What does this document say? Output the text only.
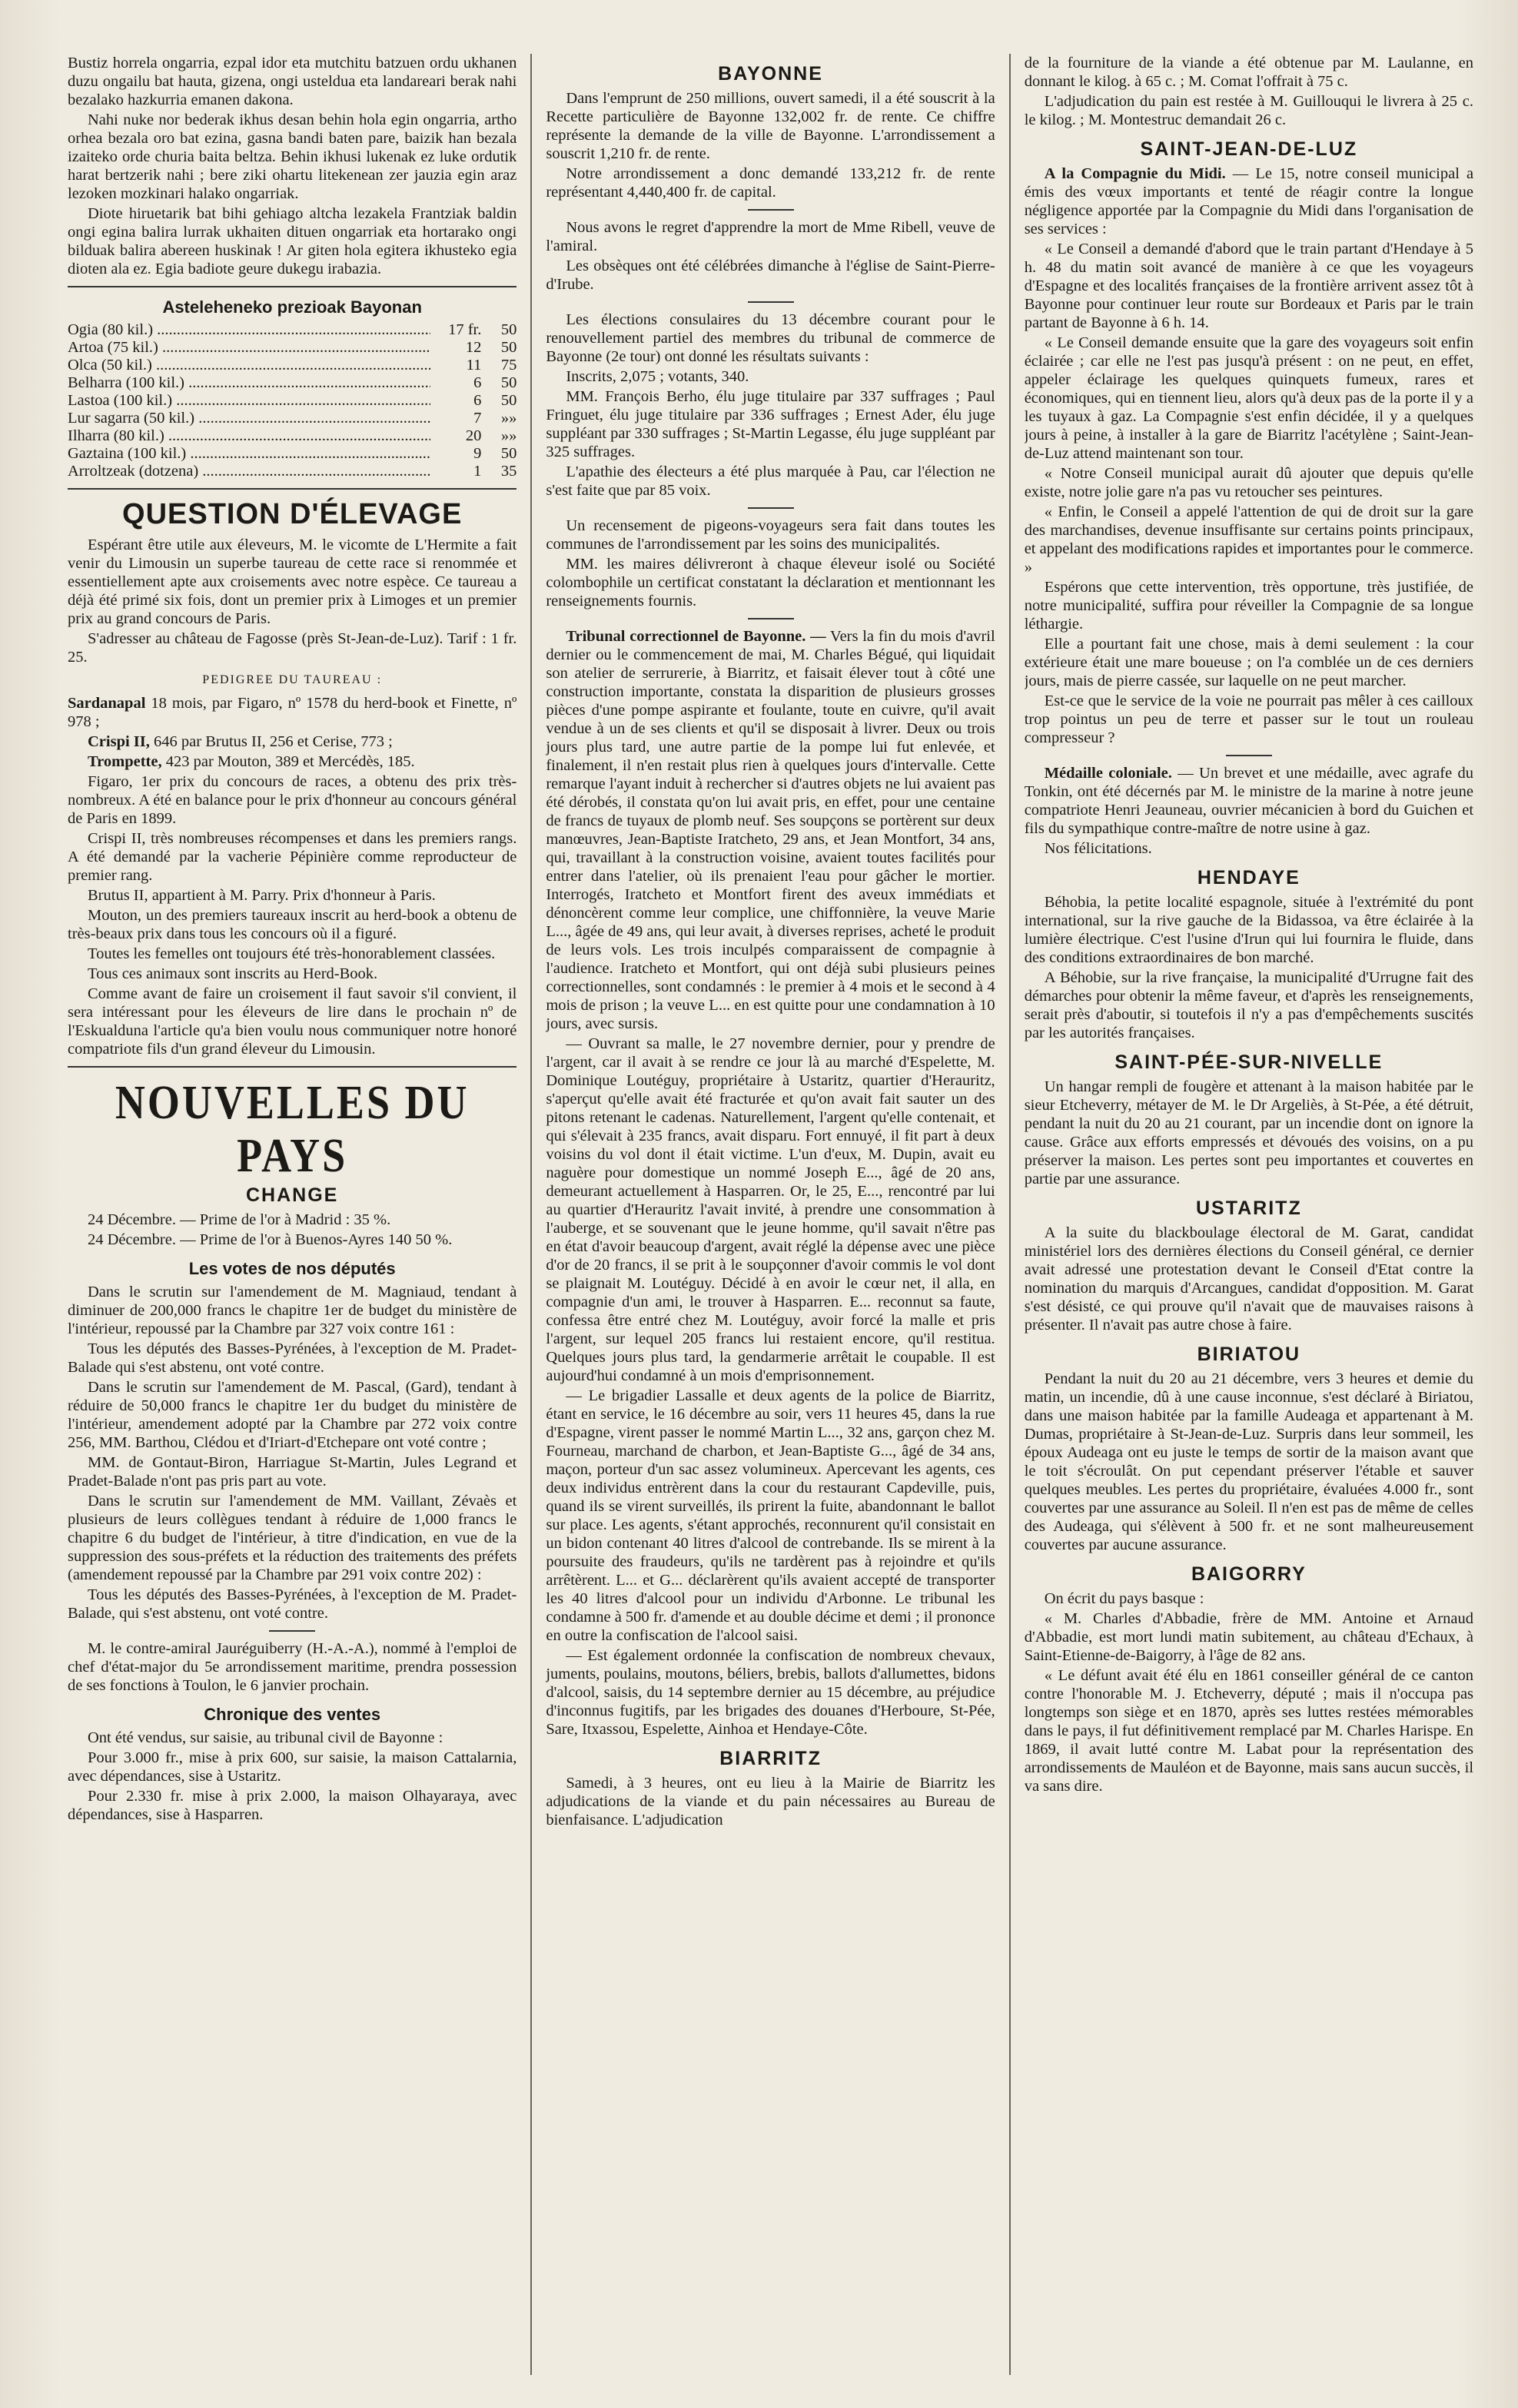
Bustiz horrela ongarria, ezpal idor eta mutchitu batzuen ordu ukhanen duzu ongailu bat hauta, gizena, ongi usteldua eta landareari berak nahi bezalako hazkurria emanen dakona.

Nahi nuke nor bederak ikhus desan behin hola egin ongarria, artho orhea bezala oro bat ezina, gasna bandi baten pare, baizik han bezala izaiteko orde churia baita beltza. Behin ikhusi lukenak ez luke ordutik harat bertzerik nahi ; bere ziki ohartu litekenean zer jauzia egin araz lezoken mozkinari halako ongarriak.

Diote hiruetarik bat bihi gehiago altcha lezakela Frantziak baldin ongi egina balira lurrak ukhaiten dituen ongarriak eta hortarako ongi bilduak balira abereen huskinak ! Ar giten hola egitera ikhusteko egia dioten ala ez. Egia badiote geure dukegu irabazia.

Asteleheneko prezioak Bayonan
Ogia (80 kil.) .....	17 fr.	50
Artoa (75 kil.) .....	12	50
Olca (50 kil.) .....	11	75
Belharra (100 kil.) .....	6	50
Lastoa (100 kil.) .....	6	50
Lur sagarra (50 kil.) .....	7	»»
Ilharra (80 kil.) .....	20	»»
Gaztaina (100 kil.) .....	9	50
Arroltzeak (dotzena) .....	1	35
QUESTION D'ÉLEVAGE

Espérant être utile aux éleveurs, M. le vicomte de L'Hermite a fait venir du Limousin un superbe taureau de cette race si renommée et essentiellement apte aux croisements avec notre espèce. Ce taureau a déjà été primé six fois, dont un premier prix à Limoges et un premier prix au grand concours de Paris.

S'adresser au château de Fagosse (près St-Jean-de-Luz). Tarif : 1 fr. 25.

PEDIGREE DU TAUREAU :

Sardanapal 18 mois, par Figaro, nº 1578 du herd-book et Finette, nº 978 ;

Crispi II, 646 par Brutus II, 256 et Cerise, 773 ;

Trompette, 423 par Mouton, 389 et Mercédès, 185.

Figaro, 1er prix du concours de races, a obtenu des prix très-nombreux. A été en balance pour le prix d'honneur au concours général de Paris en 1899.

Crispi II, très nombreuses récompenses et dans les premiers rangs. A été demandé par la vacherie Pépinière comme reproducteur de premier rang.

Brutus II, appartient à M. Parry. Prix d'honneur à Paris.

Mouton, un des premiers taureaux inscrit au herd-book a obtenu de très-beaux prix dans tous les concours où il a figuré.

Toutes les femelles ont toujours été très-honorablement classées.

Tous ces animaux sont inscrits au Herd-Book.

Comme avant de faire un croisement il faut savoir s'il convient, il sera intéressant pour les éleveurs de lire dans le prochain nº de l'Eskualduna l'article qu'a bien voulu nous communiquer notre honoré compatriote fils d'un grand éleveur du Limousin.

NOUVELLES DU PAYS
CHANGE

24 Décembre. — Prime de l'or à Madrid : 35 %.

24 Décembre. — Prime de l'or à Buenos-Ayres 140 50 %.

Les votes de nos députés

Dans le scrutin sur l'amendement de M. Magniaud, tendant à diminuer de 200,000 francs le chapitre 1er de budget du ministère de l'intérieur, repoussé par la Chambre par 327 voix contre 161 :

Tous les députés des Basses-Pyrénées, à l'exception de M. Pradet-Balade qui s'est abstenu, ont voté contre.

Dans le scrutin sur l'amendement de M. Pascal, (Gard), tendant à réduire de 50,000 francs le chapitre 1er du budget du ministère de l'intérieur, amendement adopté par la Chambre par 272 voix contre 256, MM. Barthou, Clédou et d'Iriart-d'Etchepare ont voté contre ;

MM. de Gontaut-Biron, Harriague St-Martin, Jules Legrand et Pradet-Balade n'ont pas pris part au vote.

Dans le scrutin sur l'amendement de MM. Vaillant, Zévaès et plusieurs de leurs collègues tendant à réduire de 1,000 francs le chapitre 6 du budget de l'intérieur, à titre d'indication, en vue de la suppression des sous-préfets et la réduction des traitements des préfets (amendement repoussé par la Chambre par 291 voix contre 202) :

Tous les députés des Basses-Pyrénées, à l'exception de M. Pradet-Balade, qui s'est abstenu, ont voté contre.

M. le contre-amiral Jauréguiberry (H.-A.-A.), nommé à l'emploi de chef d'état-major du 5e arrondissement maritime, prendra possession de ses fonctions à Toulon, le 6 janvier prochain.

Chronique des ventes

Ont été vendus, sur saisie, au tribunal civil de Bayonne :

Pour 3.000 fr., mise à prix 600, sur saisie, la maison Cattalarnia, avec dépendances, sise à Ustaritz.

Pour 2.330 fr. mise à prix 2.000, la maison Olhayaraya, avec dépendances, sise à Hasparren.

BAYONNE

Dans l'emprunt de 250 millions, ouvert samedi, il a été souscrit à la Recette particulière de Bayonne 132,002 fr. de rente. Ce chiffre représente la demande de la ville de Bayonne. L'arrondissement a souscrit 1,210 fr. de rente.

Notre arrondissement a donc demandé 133,212 fr. de rente représentant 4,440,400 fr. de capital.

Nous avons le regret d'apprendre la mort de Mme Ribell, veuve de l'amiral.

Les obsèques ont été célébrées dimanche à l'église de Saint-Pierre-d'Irube.

Les élections consulaires du 13 décembre courant pour le renouvellement partiel des membres du tribunal de commerce de Bayonne (2e tour) ont donné les résultats suivants :

Inscrits, 2,075 ; votants, 340.

MM. François Berho, élu juge titulaire par 337 suffrages ; Paul Fringuet, élu juge titulaire par 336 suffrages ; Ernest Ader, élu juge suppléant par 330 suffrages ; St-Martin Legasse, élu juge suppléant par 325 suffrages.

L'apathie des électeurs a été plus marquée à Pau, car l'élection ne s'est faite que par 85 voix.

Un recensement de pigeons-voyageurs sera fait dans toutes les communes de l'arrondissement par les soins des municipalités.

MM. les maires délivreront à chaque éleveur isolé ou Société colombophile un certificat constatant la déclaration et mentionnant les renseignements fournis.

Tribunal correctionnel de Bayonne. — Vers la fin du mois d'avril dernier ou le commencement de mai, M. Charles Bégué, qui liquidait son atelier de serrurerie, à Biarritz, et faisait élever tout à côté une construction importante, constata la disparition de plusieurs grosses pièces d'une pompe aspirante et foulante, toute en cuivre, qu'il avait vendue à un de ses clients et qu'il se disposait à livrer. Deux ou trois jours plus tard, une autre partie de la pompe lui fut enlevée, et finalement, il n'en restait plus rien à quelques jours d'intervalle. Cette remarque l'ayant induit à rechercher si d'autres objets ne lui avaient pas été dérobés, il constata qu'on lui avait pris, en effet, pour une centaine de francs de tuyaux de plomb neuf. Ses soupçons se portèrent sur deux manœuvres, Jean-Baptiste Iratcheto, 29 ans, et Jean Montfort, 34 ans, qui, travaillant à la construction voisine, avaient toutes facilités pour entrer dans l'atelier, où ils prenaient l'eau pour gâcher le mortier. Interrogés, Iratcheto et Montfort firent des aveux immédiats et dénoncèrent comme leur complice, une chiffonnière, la veuve Marie L..., âgée de 49 ans, qui leur avait, à diverses reprises, acheté le produit de leurs vols. Les trois inculpés comparaissent de compagnie à l'audience. Iratcheto et Montfort, qui ont déjà subi plusieurs peines correctionnelles, sont condamnés : le premier à 4 mois et le second à 4 mois de prison ; la veuve L... en est quitte pour une condamnation à 10 jours, avec sursis.

— Ouvrant sa malle, le 27 novembre dernier, pour y prendre de l'argent, car il avait à se rendre ce jour là au marché d'Espelette, M. Dominique Loutéguy, propriétaire à Ustaritz, quartier d'Herauritz, s'aperçut qu'elle avait été fracturée et qu'on avait fait sauter un des pitons retenant le cadenas. Naturellement, l'argent qu'elle contenait, et qui s'élevait à 235 francs, avait disparu. Fort ennuyé, il fit part à deux voisins du vol dont il était victime. L'un d'eux, M. Dupin, avait eu naguère pour domestique un nommé Joseph E..., âgé de 20 ans, demeurant actuellement à Hasparren. Or, le 25, E..., rencontré par lui au quartier d'Herauritz l'avait invité, à prendre une consommation à l'auberge, et se souvenant que le jeune homme, qu'il savait n'être pas en état d'avoir beaucoup d'argent, avait réglé la dépense avec une pièce d'or de 20 francs, il se prit à le soupçonner d'avoir commis le vol dont se plaignait M. Loutéguy. Décidé à en avoir le cœur net, il alla, en compagnie d'un ami, le trouver à Hasparren. E... reconnut sa faute, confessa être entré chez M. Loutéguy, avoir forcé la malle et pris l'argent, sur lequel 205 francs lui restaient encore, qu'il restitua. Quelques jours plus tard, la gendarmerie arrêtait le coupable. Il est aujourd'hui condamné à un mois d'emprisonnement.

— Le brigadier Lassalle et deux agents de la police de Biarritz, étant en service, le 16 décembre au soir, vers 11 heures 45, dans la rue d'Espagne, virent passer le nommé Martin L..., 32 ans, garçon chez M. Fourneau, marchand de charbon, et Jean-Baptiste G..., âgé de 34 ans, maçon, porteur d'un sac assez volumineux. Apercevant les agents, ces deux individus entrèrent dans la cour du restaurant Capdeville, puis, quand ils se virent surveillés, ils prirent la fuite, abandonnant le ballot sur place. Les agents, s'étant approchés, reconnurent qu'il consistait en un bidon contenant 40 litres d'alcool de contrebande. Ils se mirent à la poursuite des fraudeurs, qu'ils ne tardèrent pas à rejoindre et qu'ils arrêtèrent. L... et G... déclarèrent qu'ils avaient accepté de transporter les 40 litres d'alcool pour un individu d'Arbonne. Le tribunal les condamne à 500 fr. d'amende et au double décime et demi ; il prononce en outre la confiscation de l'alcool saisi.

— Est également ordonnée la confiscation de nombreux chevaux, juments, poulains, moutons, béliers, brebis, ballots d'allumettes, bidons d'alcool, saisis, du 14 septembre dernier au 15 décembre, au préjudice d'inconnus fugitifs, par les brigades des douanes d'Herboure, St-Pée, Sare, Itxassou, Espelette, Ainhoa et Hendaye-Côte.

BIARRITZ

Samedi, à 3 heures, ont eu lieu à la Mairie de Biarritz les adjudications de la viande et du pain nécessaires au Bureau de bienfaisance. L'adjudication

de la fourniture de la viande a été obtenue par M. Laulanne, en donnant le kilog. à 65 c. ; M. Comat l'offrait à 75 c.

L'adjudication du pain est restée à M. Guillouqui le livrera à 25 c. le kilog. ; M. Montestruc demandait 26 c.

SAINT-JEAN-DE-LUZ

A la Compagnie du Midi. — Le 15, notre conseil municipal a émis des vœux importants et tenté de réagir contre la longue négligence apportée par la Compagnie du Midi dans l'organisation de ses services :

« Le Conseil a demandé d'abord que le train partant d'Hendaye à 5 h. 48 du matin soit avancé de manière à ce que les voyageurs d'Espagne et des localités françaises de la frontière arrivent assez tôt à Bayonne pour continuer leur route sur Bordeaux et Paris par le train partant de Bayonne à 6 h. 14.

« Le Conseil demande ensuite que la gare des voyageurs soit enfin éclairée ; car elle ne l'est pas jusqu'à présent : on ne peut, en effet, appeler éclairage les quelques quinquets fumeux, rares et économiques, qui en tiennent lieu, alors qu'à deux pas de la porte il y a les tuyaux à gaz. La Compagnie s'est enfin décidée, il y a quelques jours à peine, à installer à la gare de Biarritz l'acétylène ; Saint-Jean-de-Luz attend maintenant son tour.

« Notre Conseil municipal aurait dû ajouter que depuis qu'elle existe, notre jolie gare n'a pas vu retoucher ses peintures.

« Enfin, le Conseil a appelé l'attention de qui de droit sur la gare des marchandises, devenue insuffisante sur certains points principaux, et appelant des modifications rapides et importantes pour le commerce. »

Espérons que cette intervention, très opportune, très justifiée, de notre municipalité, suffira pour réveiller la Compagnie de sa longue léthargie.

Elle a pourtant fait une chose, mais à demi seulement : la cour extérieure était une mare boueuse ; on l'a comblée un de ces derniers jours, mais de pierre cassée, sur laquelle on ne peut marcher.

Est-ce que le service de la voie ne pourrait pas mêler à ces cailloux trop pointus un peu de terre et passer sur le tout un rouleau compresseur ?

Médaille coloniale. — Un brevet et une médaille, avec agrafe du Tonkin, ont été décernés par M. le ministre de la marine à notre jeune compatriote Henri Jeauneau, ouvrier mécanicien à bord du Guichen et fils du sympathique contre-maître de notre usine à gaz.

Nos félicitations.

HENDAYE

Béhobia, la petite localité espagnole, située à l'extrémité du pont international, sur la rive gauche de la Bidassoa, va être éclairée à la lumière électrique. C'est l'usine d'Irun qui lui fournira le fluide, dans des conditions extraordinaires de bon marché.

A Béhobie, sur la rive française, la municipalité d'Urrugne fait des démarches pour obtenir la même faveur, et d'après les renseignements, serait près d'aboutir, si toutefois il n'y a pas d'empêchements suscités par les autorités françaises.

SAINT-PÉE-SUR-NIVELLE

Un hangar rempli de fougère et attenant à la maison habitée par le sieur Etcheverry, métayer de M. le Dr Argeliès, à St-Pée, a été détruit, pendant la nuit du 20 au 21 courant, par un incendie dont on ignore la cause. Grâce aux efforts empressés et dévoués des voisins, on a pu préserver la maison. Les pertes sont peu importantes et couvertes en partie par une assurance.

USTARITZ

A la suite du blackboulage électoral de M. Garat, candidat ministériel lors des dernières élections du Conseil général, ce dernier avait adressé une protestation devant le Conseil d'Etat contre la nomination du marquis d'Arcangues, candidat d'opposition. M. Garat s'est désisté, ce qui prouve qu'il n'avait que de mauvaises raisons à présenter. Il n'avait pas autre chose à faire.

BIRIATOU

Pendant la nuit du 20 au 21 décembre, vers 3 heures et demie du matin, un incendie, dû à une cause inconnue, s'est déclaré à Biriatou, dans une maison habitée par la famille Audeaga et appartenant à M. Dumas, propriétaire à St-Jean-de-Luz. Surpris dans leur sommeil, les époux Audeaga ont eu juste le temps de sortir de la maison avant que le toit s'écroulât. On put cependant préserver l'étable et sauver quelques meubles. Les pertes du propriétaire, évaluées 4.000 fr., sont couvertes par une assurance au Soleil. Il n'en est pas de même de celles des Audeaga, qui s'élèvent à 500 fr. et ne sont malheureusement couvertes par aucune assurance.

BAIGORRY

On écrit du pays basque :

« M. Charles d'Abbadie, frère de MM. Antoine et Arnaud d'Abbadie, est mort lundi matin subitement, au château d'Echaux, à Saint-Etienne-de-Baigorry, à l'âge de 82 ans.

« Le défunt avait été élu en 1861 conseiller général de ce canton contre l'honorable M. J. Etcheverry, député ; mais il n'occupa pas longtemps son siège et en 1870, après ses luttes restées mémorables dans le pays, il fut définitivement remplacé par M. Charles Harispe. En 1869, il avait lutté contre M. Labat pour la représentation des arrondissements de Mauléon et de Bayonne, mais sans aucun succès, il va sans dire.
